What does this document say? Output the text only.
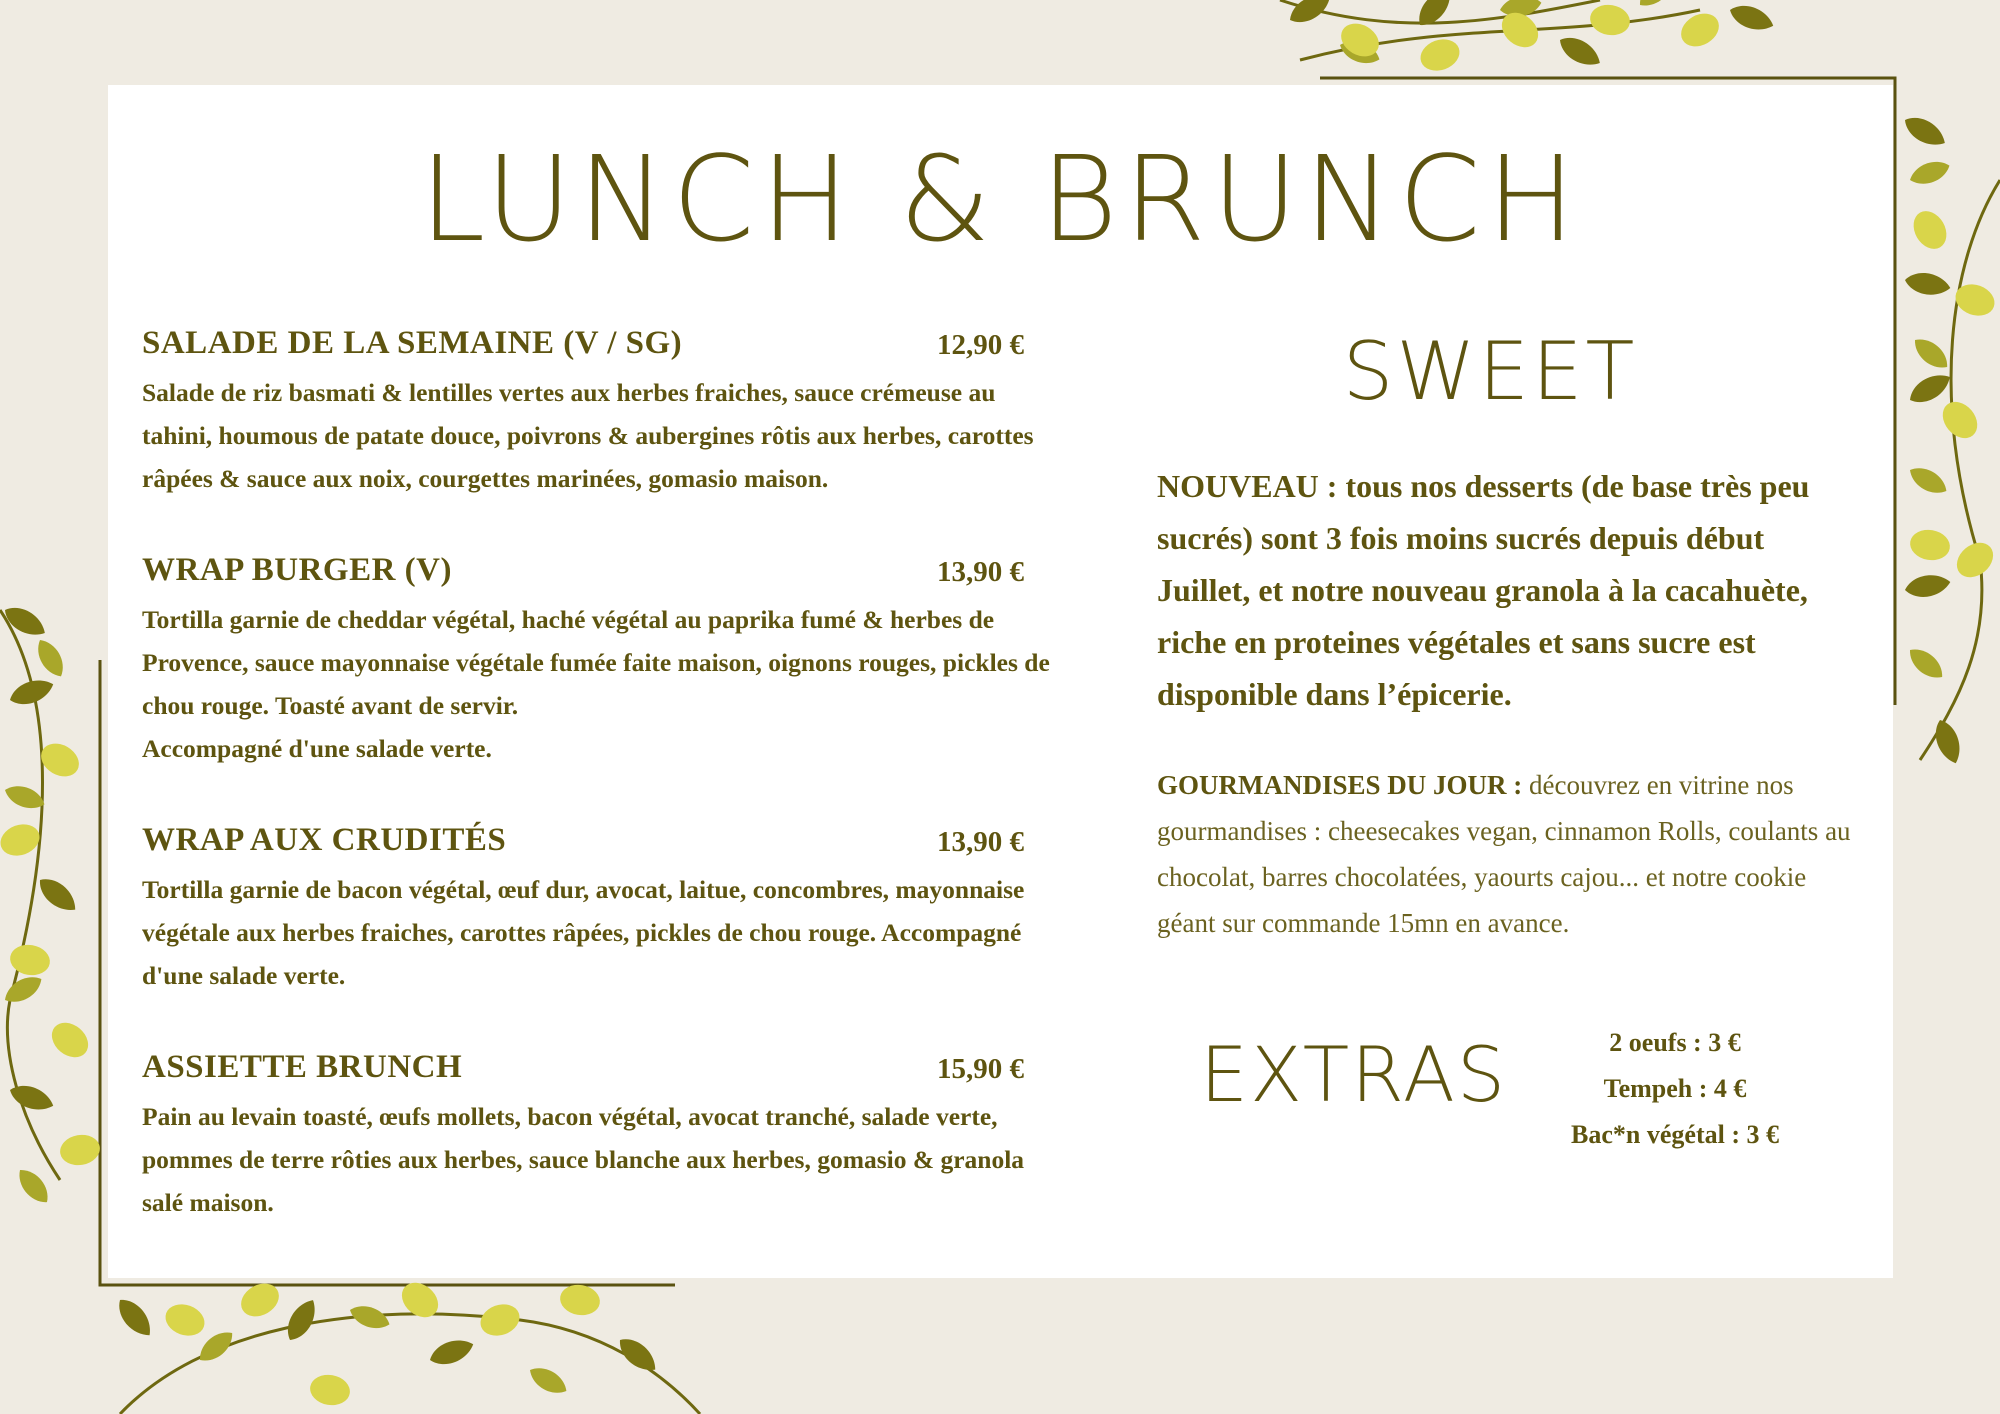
LUNCH & BRUNCH
SALADE DE LA SEMAINE (V / SG)	12,90 €

Salade de riz basmati & lentilles vertes aux herbes fraiches, sauce crémeuse au tahini, houmous de patate douce, poivrons & aubergines rôtis aux herbes, carottes râpées & sauce aux noix, courgettes marinées, gomasio maison.

WRAP BURGER (V)	13,90 €

Tortilla garnie de cheddar végétal, haché végétal au paprika fumé & herbes de Provence, sauce mayonnaise végétale fumée faite maison, oignons rouges, pickles de chou rouge. Toasté avant de servir.

Accompagné d'une salade verte.

WRAP AUX CRUDITÉS	13,90 €

Tortilla garnie de bacon végétal, œuf dur, avocat, laitue, concombres, mayonnaise végétale aux herbes fraiches, carottes râpées, pickles de chou rouge. Accompagné d'une salade verte.

ASSIETTE BRUNCH	15,90 €

Pain au levain toasté, œufs mollets, bacon végétal, avocat tranché, salade verte, pommes de terre rôties aux herbes, sauce blanche aux herbes, gomasio & granola salé maison.

SWEET

NOUVEAU : tous nos desserts (de base très peu sucrés) sont 3 fois moins sucrés depuis début Juillet, et notre nouveau granola à la cacahuète, riche en proteines végétales et sans sucre est disponible dans l’épicerie.

GOURMANDISES DU JOUR : découvrez en vitrine nos gourmandises : cheesecakes vegan, cinnamon Rolls, coulants au chocolat, barres chocolatées, yaourts cajou... et notre cookie géant sur commande 15mn en avance.

EXTRAS	2 oeufs : 3 €
Tempeh : 4 €
Bac*n végétal : 3 €
